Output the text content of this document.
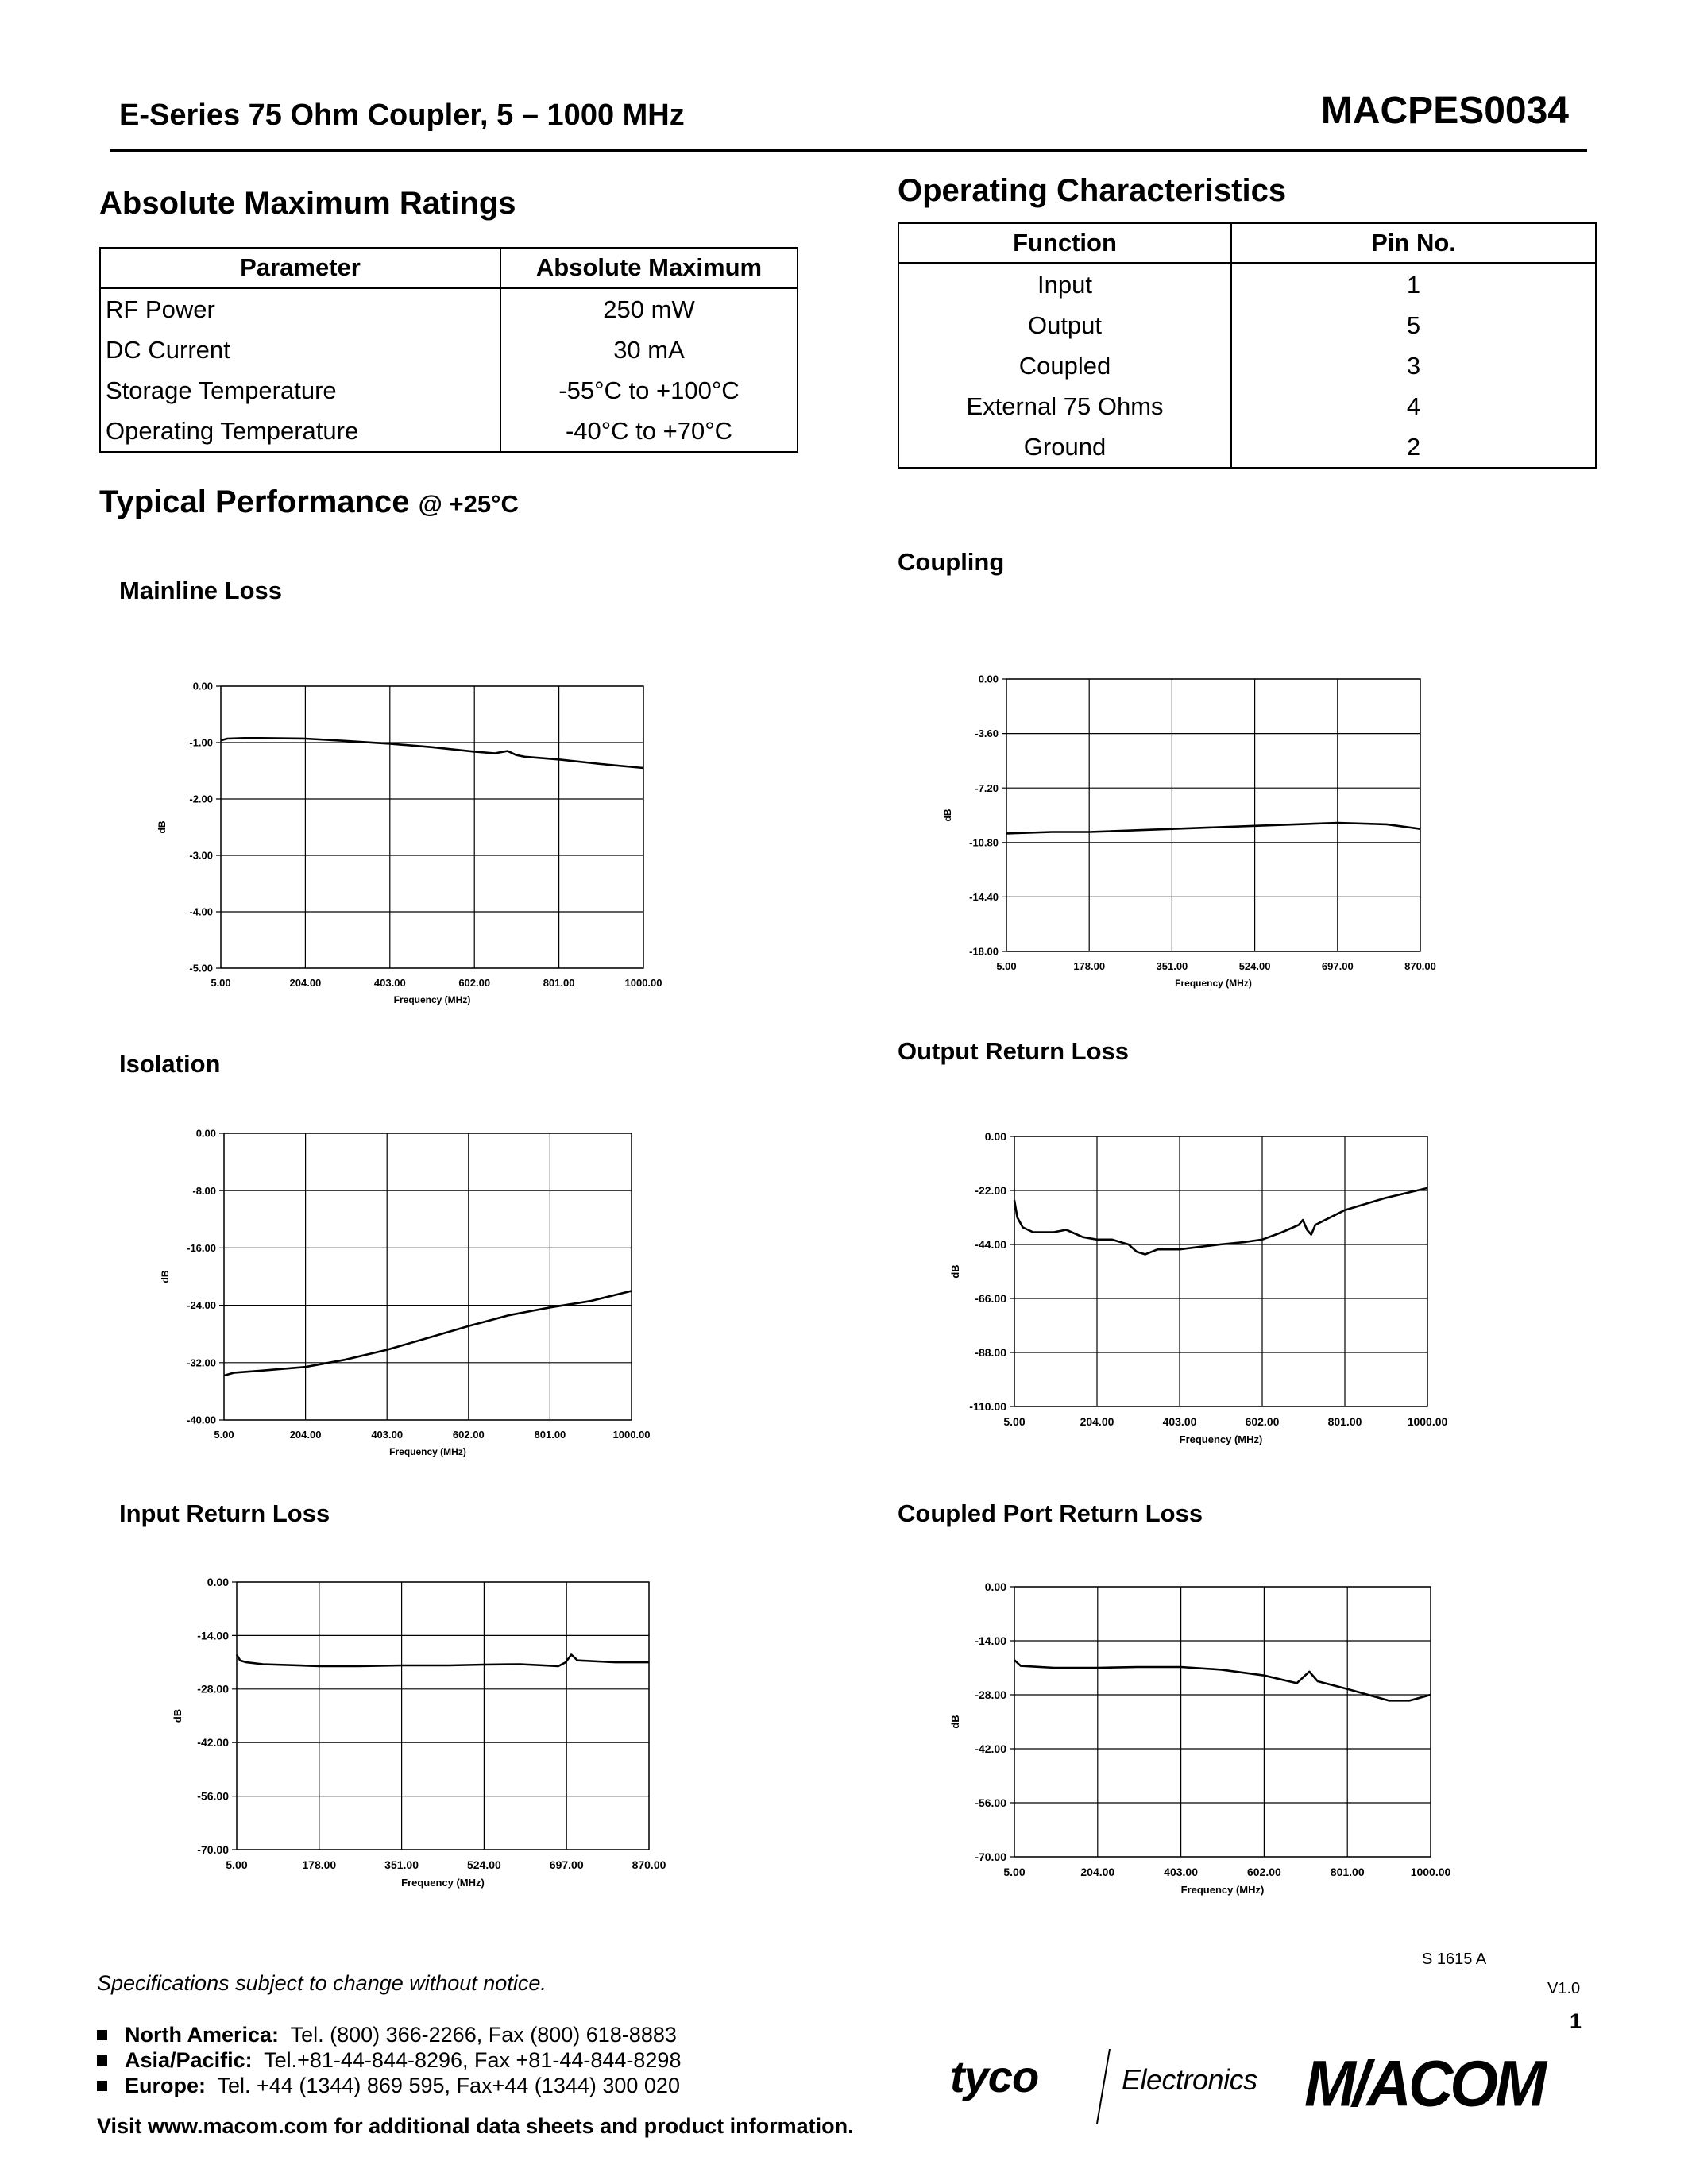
E-Series 75 Ohm Coupler, 5 – 1000 MHz	MACPES0034
Absolute Maximum Ratings
Parameter	Absolute Maximum
RF Power	250 mW
DC Current	30 mA
Storage Temperature	-55°C to +100°C
Operating Temperature	-40°C to +70°C
Operating Characteristics
Function	Pin No.
Input	1
Output	5
Coupled	3
External 75 Ohms	4
Ground	2
Typical Performance @ +25°C
Mainline Loss
Coupling
Isolation	Output Return Loss
Input Return Loss	Coupled Port Return Loss
5.00	204.00	403.00	602.00	801.00	1000.00
0.00
-1.00
-2.00
-3.00
-4.00
-5.00
Frequency (MHz)
dB
5.00	178.00	351.00	524.00	697.00	870.00
0.00
-3.60
-7.20
-10.80
-14.40
-18.00
Frequency (MHz)
dB
5.00	204.00	403.00	602.00	801.00	1000.00
0.00
-8.00
-16.00
-24.00
-32.00
-40.00
Frequency (MHz)
dB
5.00	204.00	403.00	602.00	801.00	1000.00
0.00
-22.00
-44.00
-66.00
-88.00
-110.00
Frequency (MHz)
dB
5.00	178.00	351.00	524.00	697.00	870.00
0.00
-14.00
-28.00
-42.00
-56.00
-70.00
Frequency (MHz)
dB
5.00	204.00	403.00	602.00	801.00	1000.00
0.00
-14.00
-28.00
-42.00
-56.00
-70.00
Frequency (MHz)
dB
S 1615 A
V1.0
1
Specifications subject to change without notice.
North America: Tel. (800) 366-2266, Fax (800) 618-8883
Asia/Pacific: Tel.+81-44-844-8296, Fax +81-44-844-8298
Europe: Tel. +44 (1344) 869 595, Fax+44 (1344) 300 020
Visit www.macom.com for additional data sheets and product information.
tyco	Electronics M/ACOM
